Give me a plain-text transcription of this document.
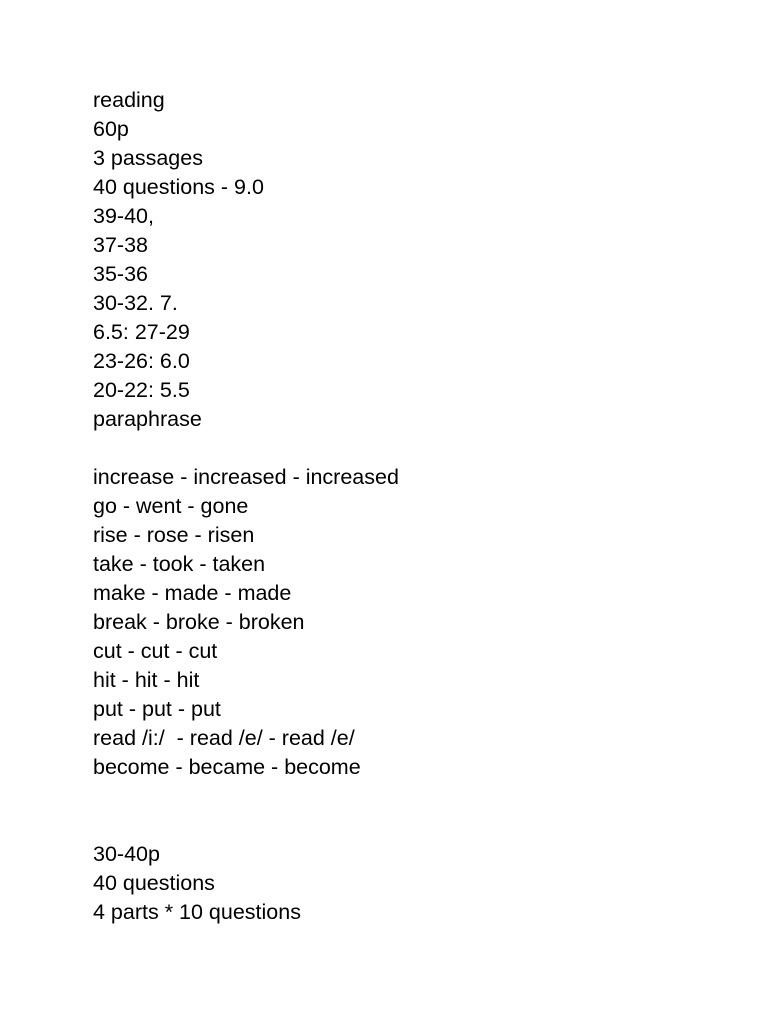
reading
60p
3 passages
40 questions - 9.0
39-40,
37-38
35-36
30-32. 7.
6.5: 27-29
23-26: 6.0
20-22: 5.5
paraphrase
increase - increased - increased
go - went - gone
rise - rose - risen
take - took - taken
make - made - made
break - broke - broken
cut - cut - cut
hit - hit - hit
put - put - put
read /i:/  - read /e/ - read /e/
become - became - become
30-40p
40 questions
4 parts * 10 questions
